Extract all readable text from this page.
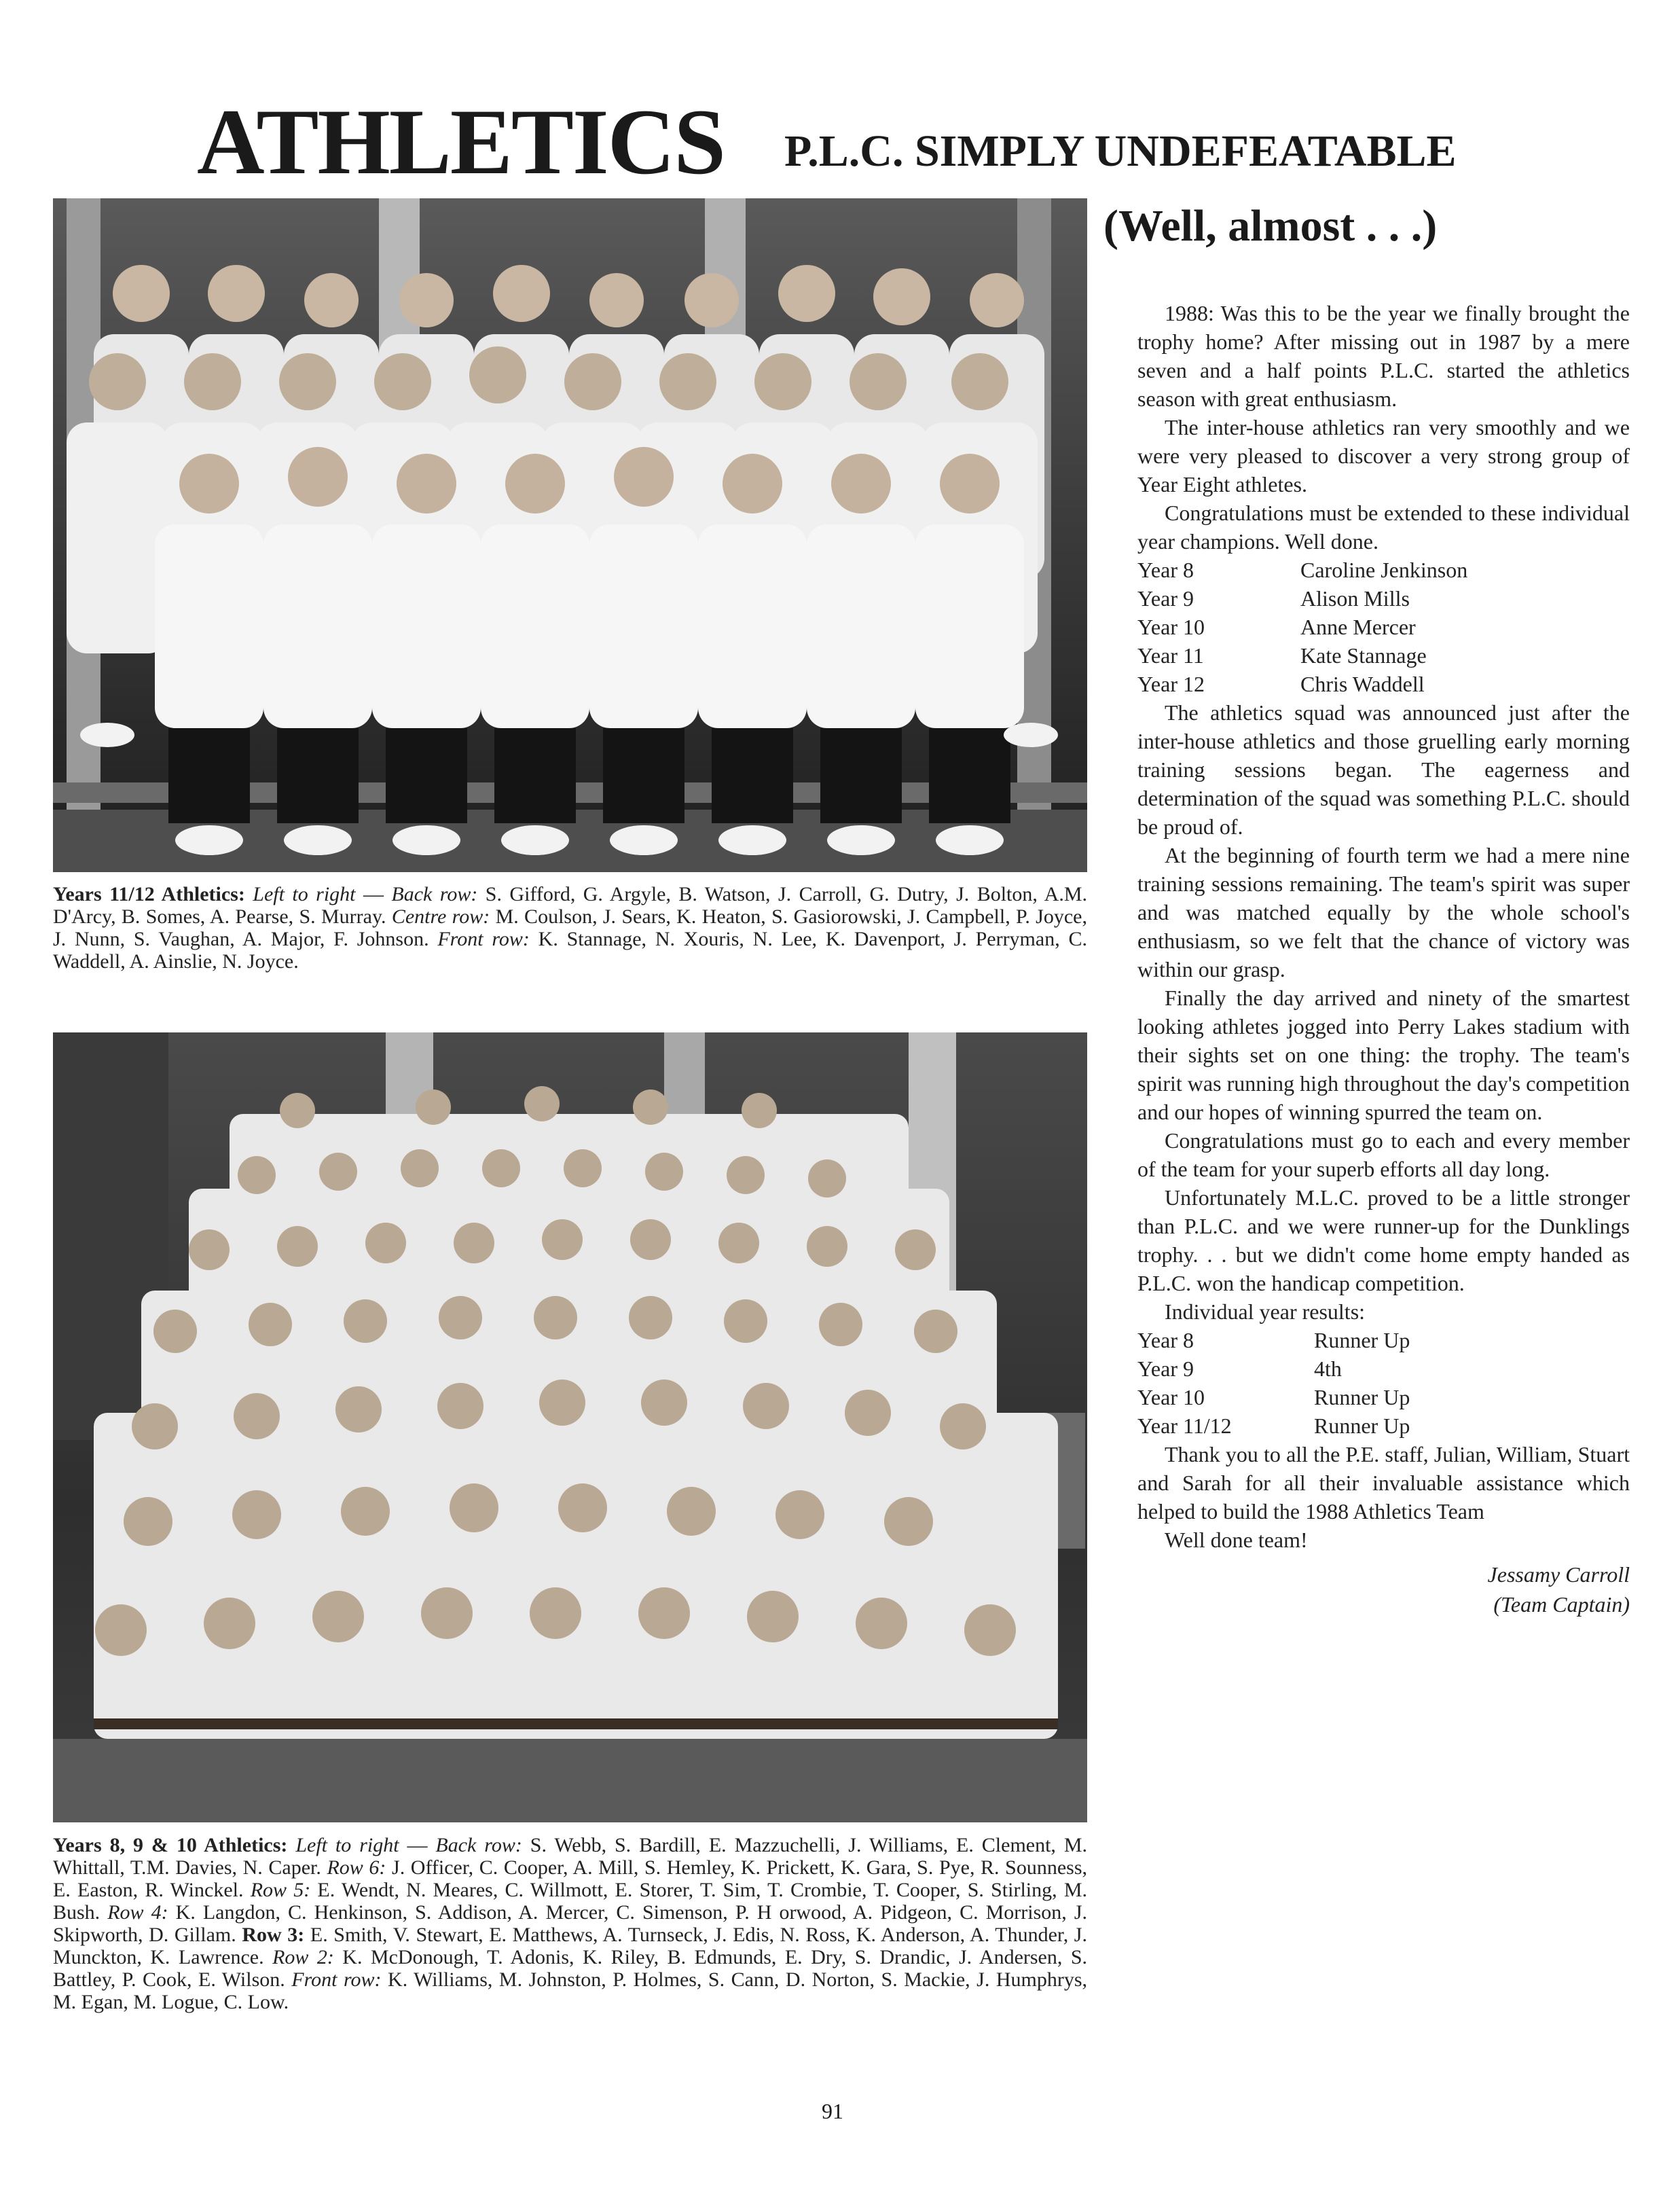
ATHLETICS P.L.C. SIMPLY UNDEFEATABLE
(Well, almost . . .)
Years 11/12 Athletics: Left to right — Back row: S. Gifford, G. Argyle, B. Watson, J. Carroll, G. Dutry, J. Bolton, A.M. D'Arcy, B. Somes, A. Pearse, S. Murray. Centre row: M. Coulson, J. Sears, K. Heaton, S. Gasiorowski, J. Campbell, P. Joyce, J. Nunn, S. Vaughan, A. Major, F. Johnson. Front row: K. Stannage, N. Xouris, N. Lee, K. Davenport, J. Perryman, C. Waddell, A. Ainslie, N. Joyce.
Years 8, 9 & 10 Athletics: Left to right — Back row: S. Webb, S. Bardill, E. Mazzuchelli, J. Williams, E. Clement, M. Whittall, T.M. Davies, N. Caper. Row 6: J. Officer, C. Cooper, A. Mill, S. Hemley, K. Prickett, K. Gara, S. Pye, R. Sounness, E. Easton, R. Winckel. Row 5: E. Wendt, N. Meares, C. Willmott, E. Storer, T. Sim, T. Crombie, T. Cooper, S. Stirling, M. Bush. Row 4: K. Langdon, C. Henkinson, S. Addison, A. Mercer, C. Simenson, P. H orwood, A. Pidgeon, C. Morrison, J. Skipworth, D. Gillam. Row 3: E. Smith, V. Stewart, E. Matthews, A. Turnseck, J. Edis, N. Ross, K. Anderson, A. Thunder, J. Munckton, K. Lawrence. Row 2: K. McDonough, T. Adonis, K. Riley, B. Edmunds, E. Dry, S. Drandic, J. Andersen, S. Battley, P. Cook, E. Wilson. Front row: K. Williams, M. Johnston, P. Holmes, S. Cann, D. Norton, S. Mackie, J. Humphrys, M. Egan, M. Logue, C. Low.

1988: Was this to be the year we finally brought the trophy home? After missing out in 1987 by a mere seven and a half points P.L.C. started the athletics season with great enthusiasm.

The inter-house athletics ran very smoothly and we were very pleased to discover a very strong group of Year Eight athletes.

Congratulations must be extended to these individual year champions. Well done.

Year 8	Caroline Jenkinson
Year 9	Alison Mills
Year 10	Anne Mercer
Year 11	Kate Stannage
Year 12	Chris Waddell

The athletics squad was announced just after the inter-house athletics and those gruelling early morning training sessions began. The eagerness and determination of the squad was something P.L.C. should be proud of.

At the beginning of fourth term we had a mere nine training sessions remaining. The team's spirit was super and was matched equally by the whole school's enthusiasm, so we felt that the chance of victory was within our grasp.

Finally the day arrived and ninety of the smartest looking athletes jogged into Perry Lakes stadium with their sights set on one thing: the trophy. The team's spirit was running high throughout the day's competition and our hopes of winning spurred the team on.

Congratulations must go to each and every member of the team for your superb efforts all day long.

Unfortunately M.L.C. proved to be a little stronger than P.L.C. and we were runner-up for the Dunklings trophy. . . but we didn't come home empty handed as P.L.C. won the handicap competition.

Individual year results:

Year 8	Runner Up
Year 9	4th
Year 10	Runner Up
Year 11/12	Runner Up

Thank you to all the P.E. staff, Julian, William, Stuart and Sarah for all their invaluable assistance which helped to build the 1988 Athletics Team

Well done team!

Jessamy Carroll
(Team Captain)
91
